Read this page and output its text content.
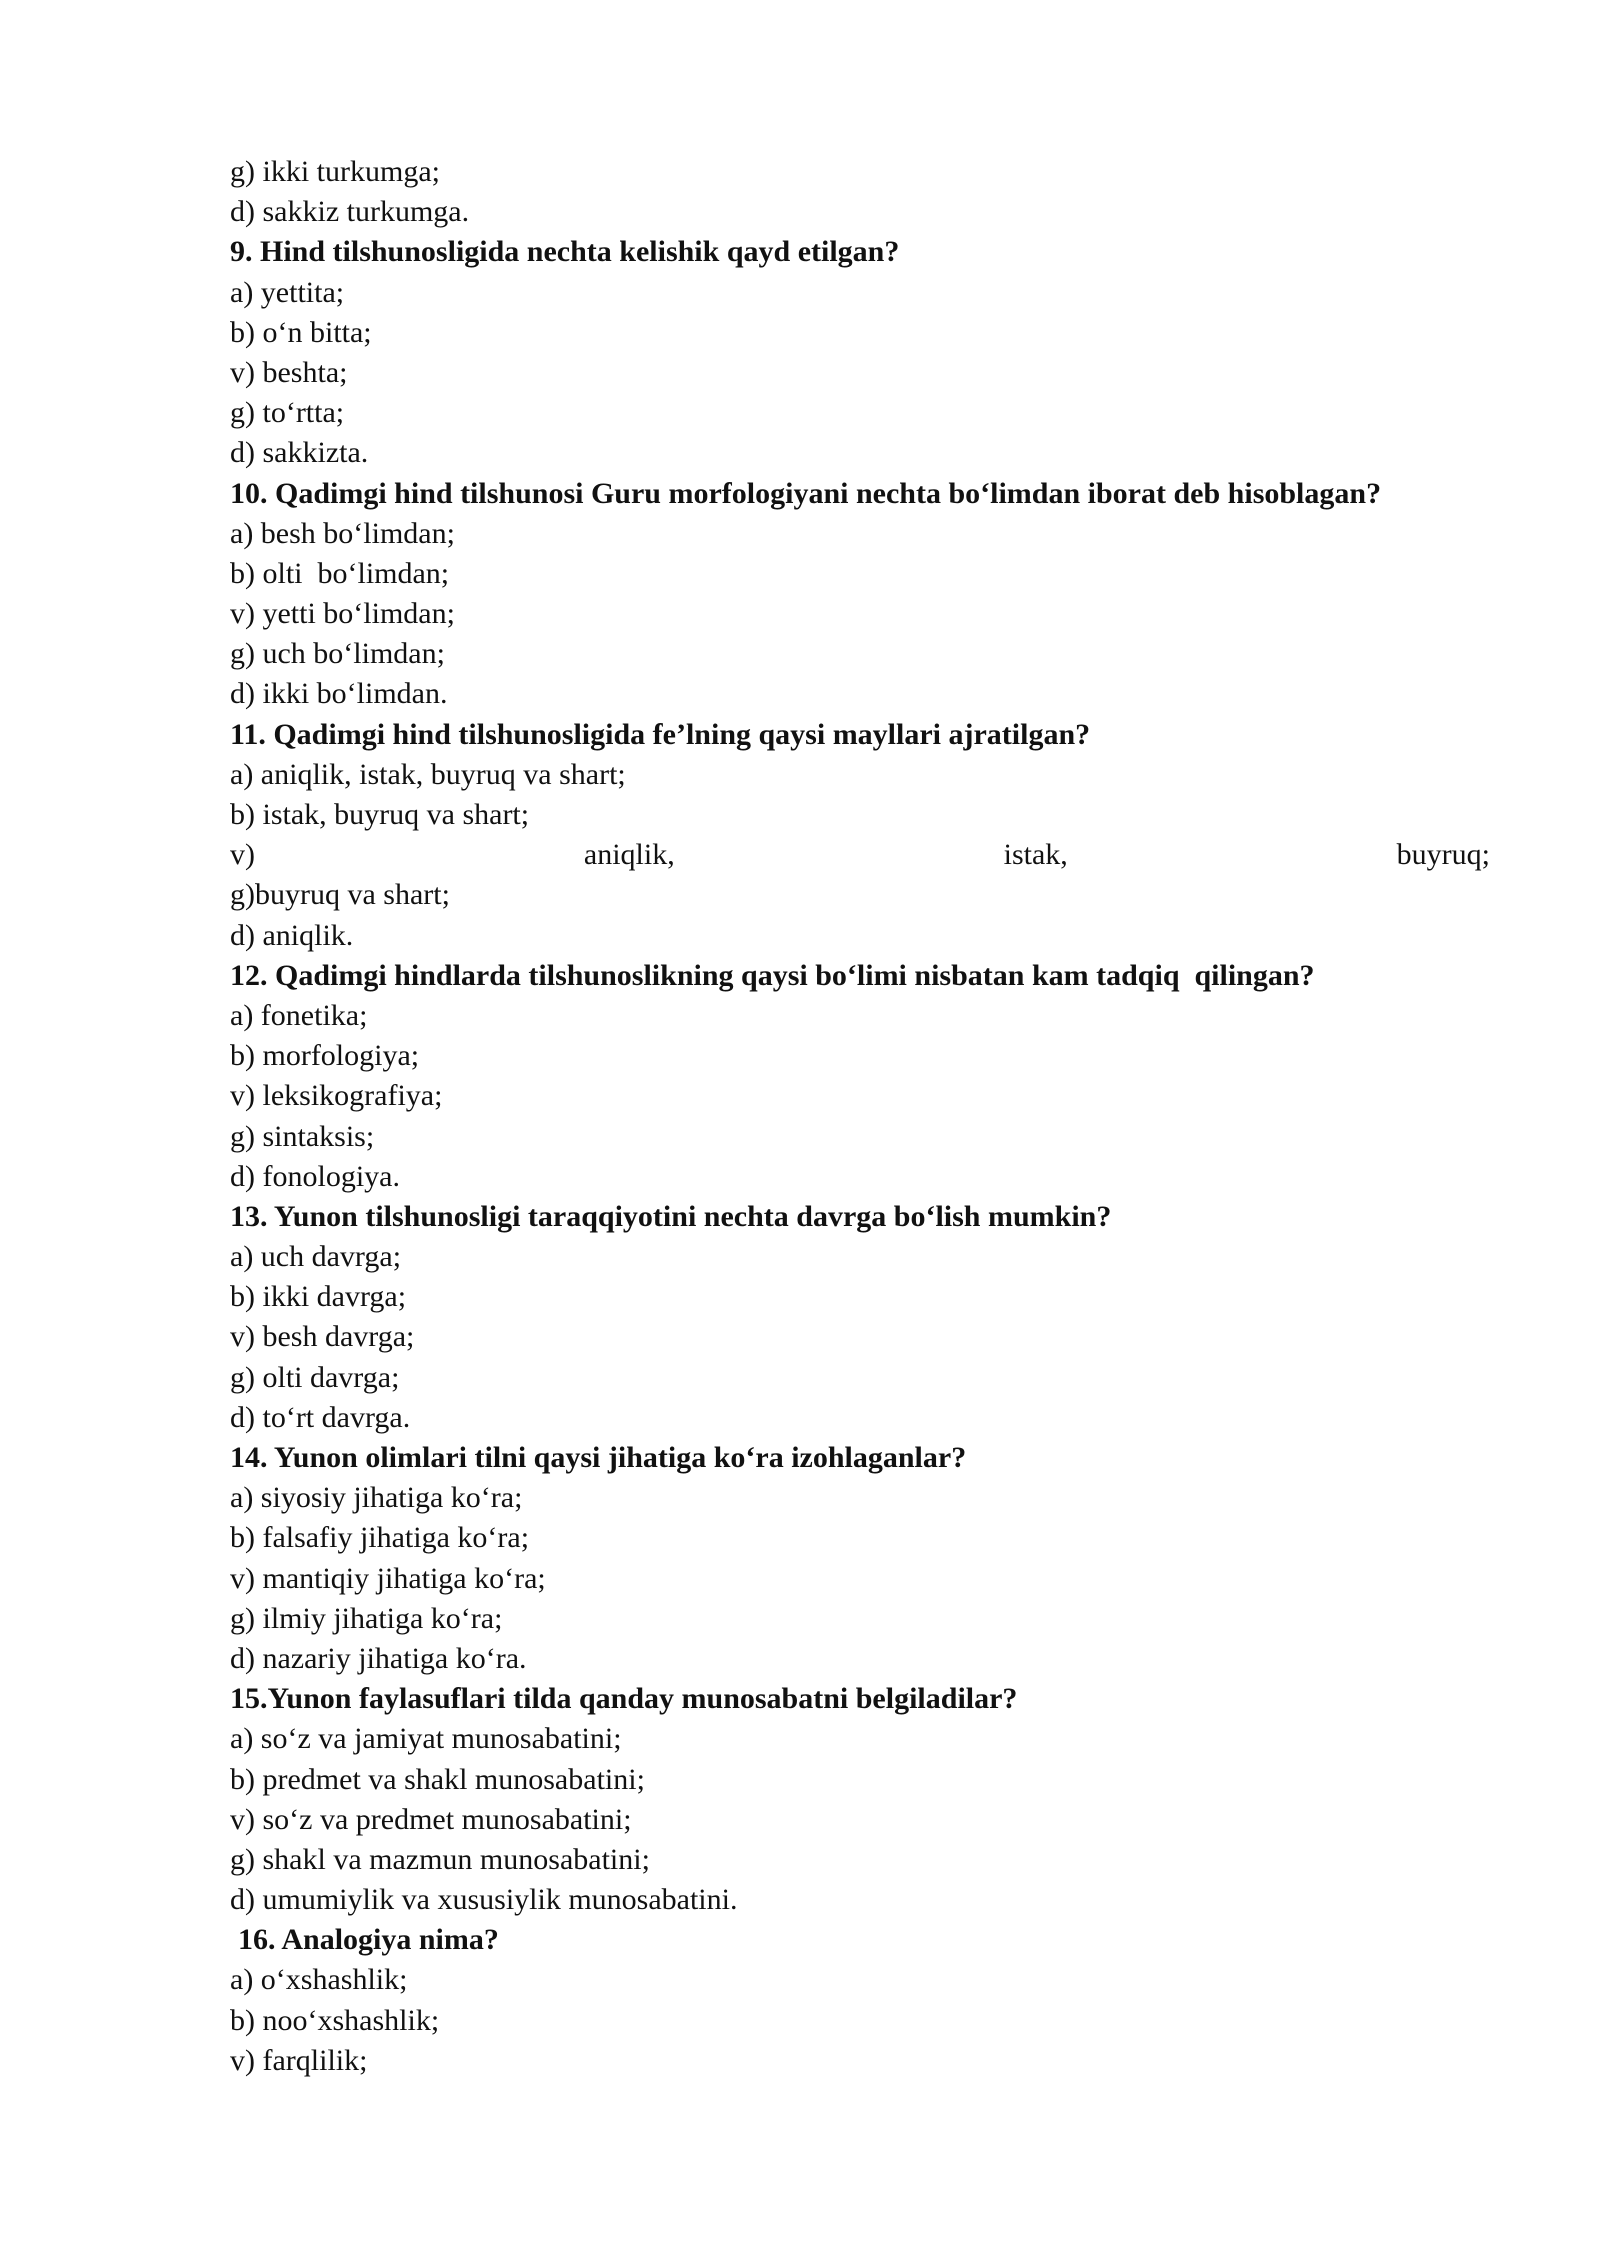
g) ikki turkumga;

d) sakkiz turkumga.

9. Hind tilshunosligida nechta kelishik qayd etilgan?

a) yettita;

b) o‘n bitta;

v) beshta;

g) to‘rtta;

d) sakkizta.

10. Qadimgi hind tilshunosi Guru morfologiyani nechta bo‘limdan iborat deb hisoblagan?

a) besh bo‘limdan;

b) olti  bo‘limdan;

v) yetti bo‘limdan;

g) uch bo‘limdan;

d) ikki bo‘limdan.

11. Qadimgi hind tilshunosligida fe’lning qaysi mayllari ajratilgan?

a) aniqlik, istak, buyruq va shart;

b) istak, buyruq va shart;

v)	aniqlik,	istak,	buyruq;

g)buyruq va shart;

d) aniqlik.

12. Qadimgi hindlarda tilshunoslikning qaysi bo‘limi nisbatan kam tadqiq  qilingan?

a) fonetika;

b) morfologiya;

v) leksikografiya;

g) sintaksis;

d) fonologiya.

13. Yunon tilshunosligi taraqqiyotini nechta davrga bo‘lish mumkin?

a) uch davrga;

b) ikki davrga;

v) besh davrga;

g) olti davrga;

d) to‘rt davrga.

14. Yunon olimlari tilni qaysi jihatiga ko‘ra izohlaganlar?

a) siyosiy jihatiga ko‘ra;

b) falsafiy jihatiga ko‘ra;

v) mantiqiy jihatiga ko‘ra;

g) ilmiy jihatiga ko‘ra;

d) nazariy jihatiga ko‘ra.

15.Yunon faylasuflari tilda qanday munosabatni belgiladilar?

a) so‘z va jamiyat munosabatini;

b) predmet va shakl munosabatini;

v) so‘z va predmet munosabatini;

g) shakl va mazmun munosabatini;

d) umumiylik va xususiylik munosabatini.

16. Analogiya nima?

a) o‘xshashlik;

b) noo‘xshashlik;

v) farqlilik;
